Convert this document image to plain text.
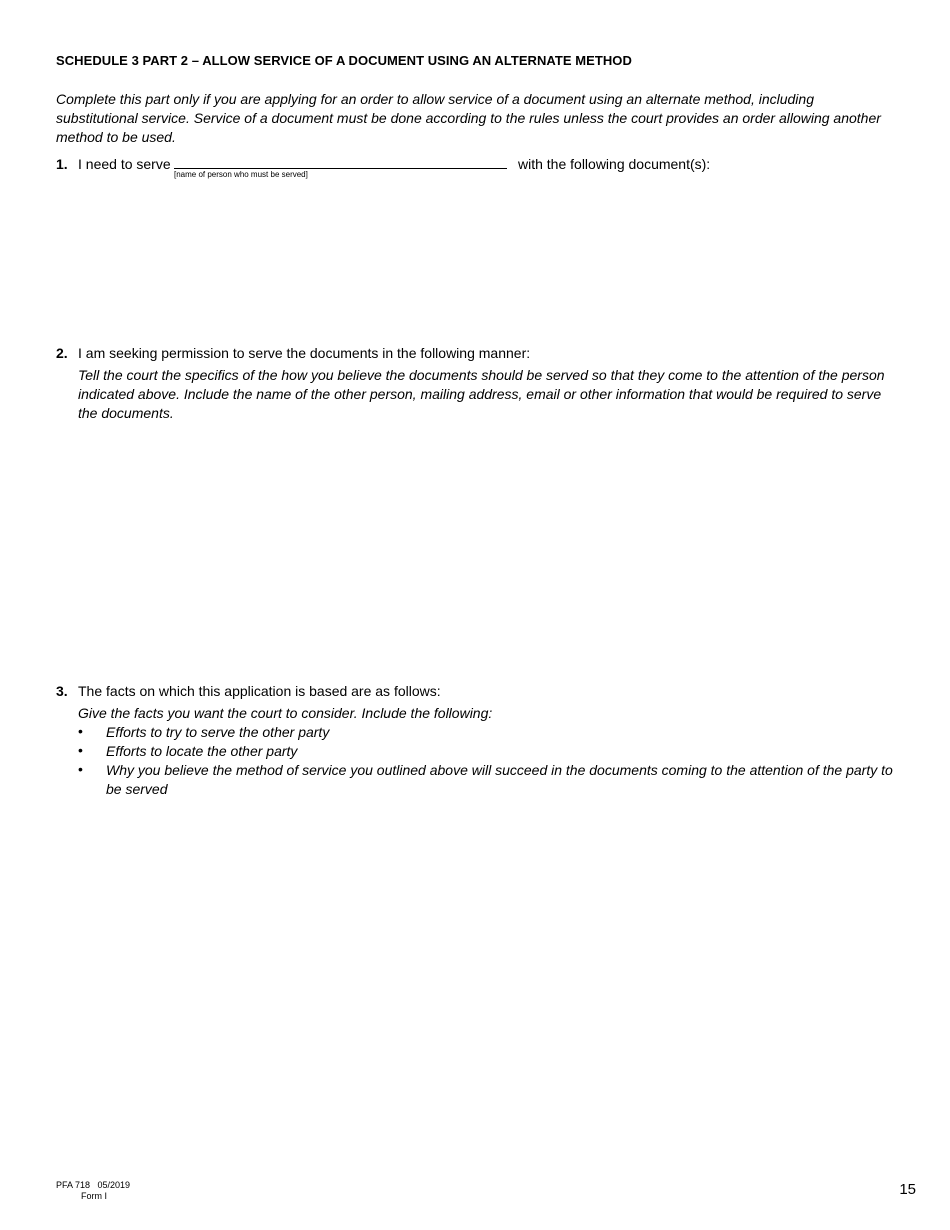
SCHEDULE 3 PART 2 – ALLOW SERVICE OF A DOCUMENT USING AN ALTERNATE METHOD
Complete this part only if you are applying for an order to allow service of a document using an alternate method, including substitutional service. Service of a document must be done according to the rules unless the court provides an order allowing another method to be used.
1. I need to serve
[name of person who must be served]
with the following document(s):
2. I am seeking permission to serve the documents in the following manner:
Tell the court the specifics of the how you believe the documents should be served so that they come to the attention of the person indicated above. Include the name of the other person, mailing address, email or other information that would be required to serve the documents.
3. The facts on which this application is based are as follows:
Give the facts you want the court to consider. Include the following:
• Efforts to try to serve the other party
• Efforts to locate the other party
• Why you believe the method of service you outlined above will succeed in the documents coming to the attention of the party to be served
PFA 718   05/2019
Form I	15
